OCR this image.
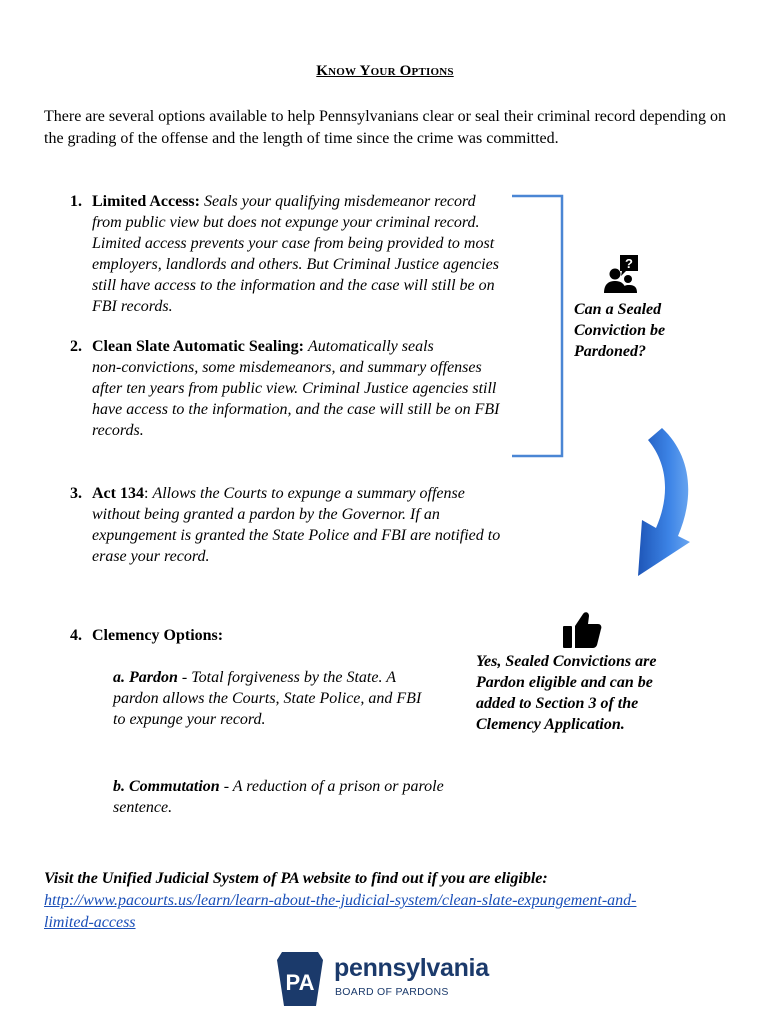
Know Your Options
There are several options available to help Pennsylvanians clear or seal their criminal record depending on the grading of the offense and the length of time since the crime was committed.
1. Limited Access: Seals your qualifying misdemeanor record
from public view but does not expunge your criminal record.
Limited access prevents your case from being provided to most
employers, landlords and others. But Criminal Justice agencies
still have access to the information and the case will still be on
FBI records.
2. Clean Slate Automatic Sealing: Automatically seals
non-convictions, some misdemeanors, and summary offenses
after ten years from public view. Criminal Justice agencies still
have access to the information, and the case will still be on FBI
records.
?
Can a Sealed
Conviction be
Pardoned?
3. Act 134: Allows the Courts to expunge a summary offense
without being granted a pardon by the Governor. If an
expungement is granted the State Police and FBI are notified to
erase your record.
4. Clemency Options:
a. Pardon - Total forgiveness by the State. A
pardon allows the Courts, State Police, and FBI
to expunge your record.
b. Commutation - A reduction of a prison or parole
sentence.
Yes, Sealed Convictions are
Pardon eligible and can be
added to Section 3 of the
Clemency Application.
Visit the Unified Judicial System of PA website to find out if you are eligible:
http://www.pacourts.us/learn/learn-about-the-judicial-system/clean-slate-expungement-and-
limited-access
PA
pennsylvania
BOARD OF PARDONS
